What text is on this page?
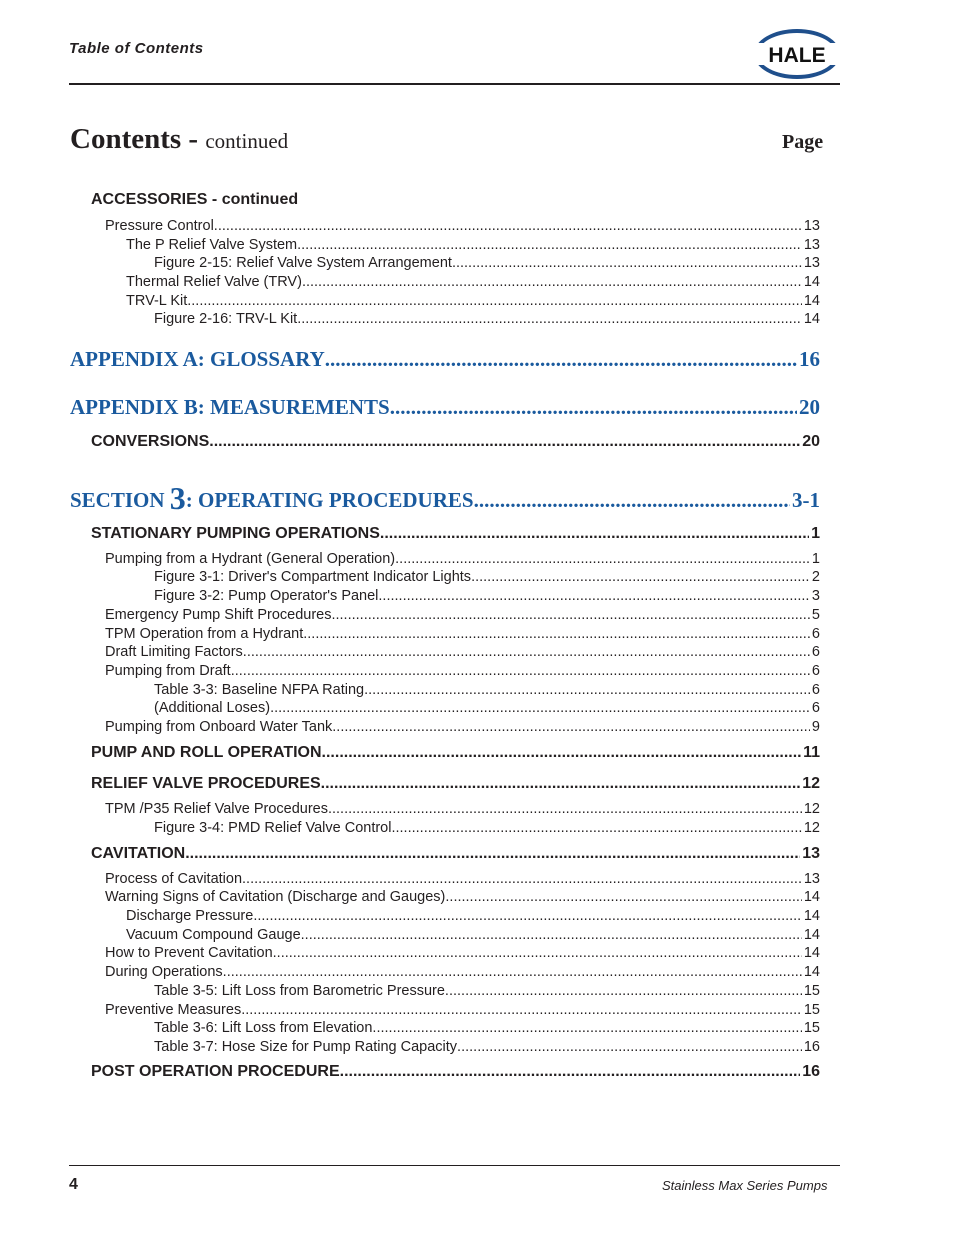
Table of Contents	HALE
Contents - continued	Page
ACCESSORIES - continued
Pressure Control .....	13
The P Relief Valve System .....	13
Figure 2-15: Relief Valve System Arrangement .....	13
Thermal Relief Valve (TRV) .....	14
TRV-L Kit .....	14
Figure 2-16: TRV-L Kit .....	14
APPENDIX A: GLOSSARY .....	16
APPENDIX B: MEASUREMENTS .....	20
CONVERSIONS .....	20
SECTION 3: OPERATING PROCEDURES .....	3-1
STATIONARY PUMPING OPERATIONS .....	1
Pumping from a Hydrant (General Operation) .....	1
Figure 3-1: Driver's Compartment Indicator Lights .....	2
Figure 3-2: Pump Operator's Panel .....	3
Emergency Pump Shift Procedures .....	5
TPM Operation from a Hydrant .....	6
Draft Limiting Factors .....	6
Pumping from Draft .....	6
Table 3-3: Baseline NFPA Rating .....	6
(Additional Loses) .....	6
Pumping from Onboard Water Tank .....	9
PUMP AND ROLL OPERATION .....	11
RELIEF VALVE PROCEDURES .....	12
TPM /P35 Relief Valve Procedures .....	12
Figure 3-4: PMD Relief Valve Control .....	12
CAVITATION .....	13
Process of Cavitation .....	13
Warning Signs of Cavitation (Discharge and Gauges) .....	14
Discharge Pressure .....	14
Vacuum Compound Gauge .....	14
How to Prevent Cavitation .....	14
During Operations .....	14
Table 3-5: Lift Loss from Barometric Pressure .....	15
Preventive Measures .....	15
Table 3-6: Lift Loss from Elevation .....	15
Table 3-7: Hose Size for Pump Rating Capacity .....	16
POST OPERATION PROCEDURE .....	16
4	Stainless Max Series Pumps
